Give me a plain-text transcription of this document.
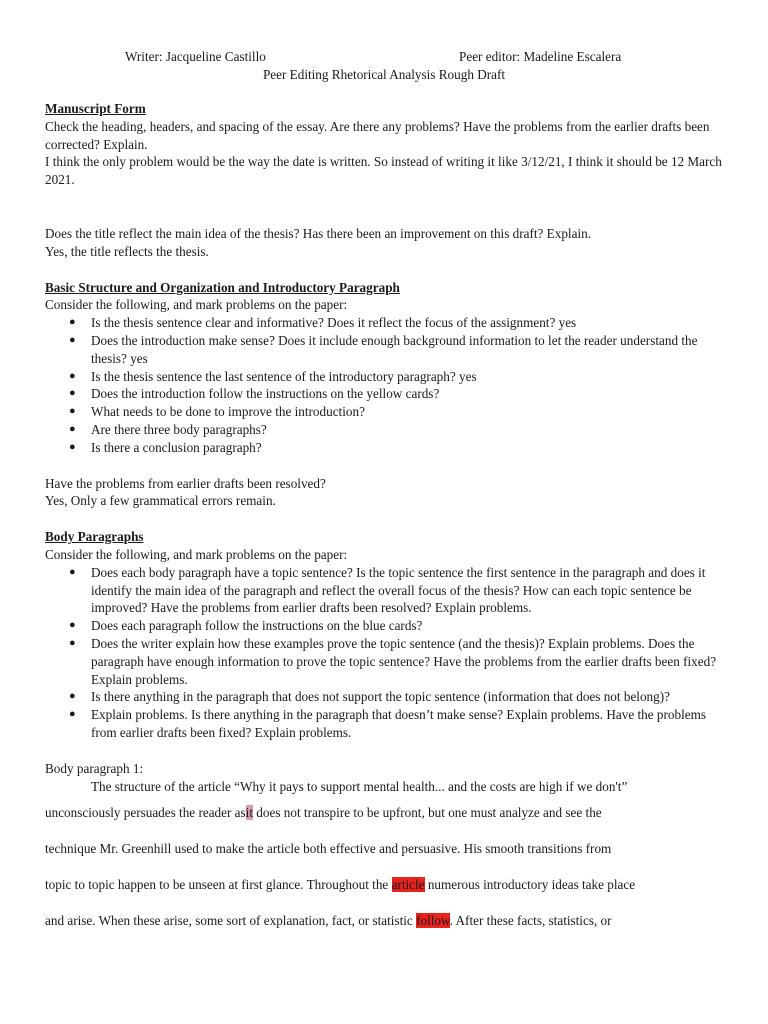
Writer: Jacqueline Castillo	Peer editor: Madeline Escalera
Peer Editing Rhetorical Analysis Rough Draft

Manuscript Form

Check the heading, headers, and spacing of the essay. Are there any problems? Have the problems from the earlier drafts been corrected? Explain.

I think the only problem would be the way the date is written. So instead of writing it like 3/12/21, I think it should be 12 March 2021.

Does the title reflect the main idea of the thesis? Has there been an improvement on this draft? Explain.

Yes, the title reflects the thesis.

Basic Structure and Organization and Introductory Paragraph

Consider the following, and mark problems on the paper:

● Is the thesis sentence clear and informative? Does it reflect the focus of the assignment? yes
● Does the introduction make sense? Does it include enough background information to let the reader understand the thesis? yes
● Is the thesis sentence the last sentence of the introductory paragraph? yes
● Does the introduction follow the instructions on the yellow cards?
● What needs to be done to improve the introduction?
● Are there three body paragraphs?
● Is there a conclusion paragraph?

Have the problems from earlier drafts been resolved?

Yes, Only a few grammatical errors remain.

Body Paragraphs

Consider the following, and mark problems on the paper:

● Does each body paragraph have a topic sentence? Is the topic sentence the first sentence in the paragraph and does it identify the main idea of the paragraph and reflect the overall focus of the thesis? How can each topic sentence be improved? Have the problems from earlier drafts been resolved? Explain problems.
● Does each paragraph follow the instructions on the blue cards?
● Does the writer explain how these examples prove the topic sentence (and the thesis)? Explain problems. Does the paragraph have enough information to prove the topic sentence? Have the problems from the earlier drafts been fixed? Explain problems.
● Is there anything in the paragraph that does not support the topic sentence (information that does not belong)?
● Explain problems. Is there anything in the paragraph that doesn’t make sense? Explain problems. Have the problems from earlier drafts been fixed? Explain problems.

Body paragraph 1:

The structure of the article “Why it pays to support mental health... and the costs are high if we don't”

unconsciously persuades the reader asit does not transpire to be upfront, but one must analyze and see the

technique Mr. Greenhill used to make the article both effective and persuasive. His smooth transitions from

topic to topic happen to be unseen at first glance. Throughout the article numerous introductory ideas take place

and arise. When these arise, some sort of explanation, fact, or statistic follow. After these facts, statistics, or
